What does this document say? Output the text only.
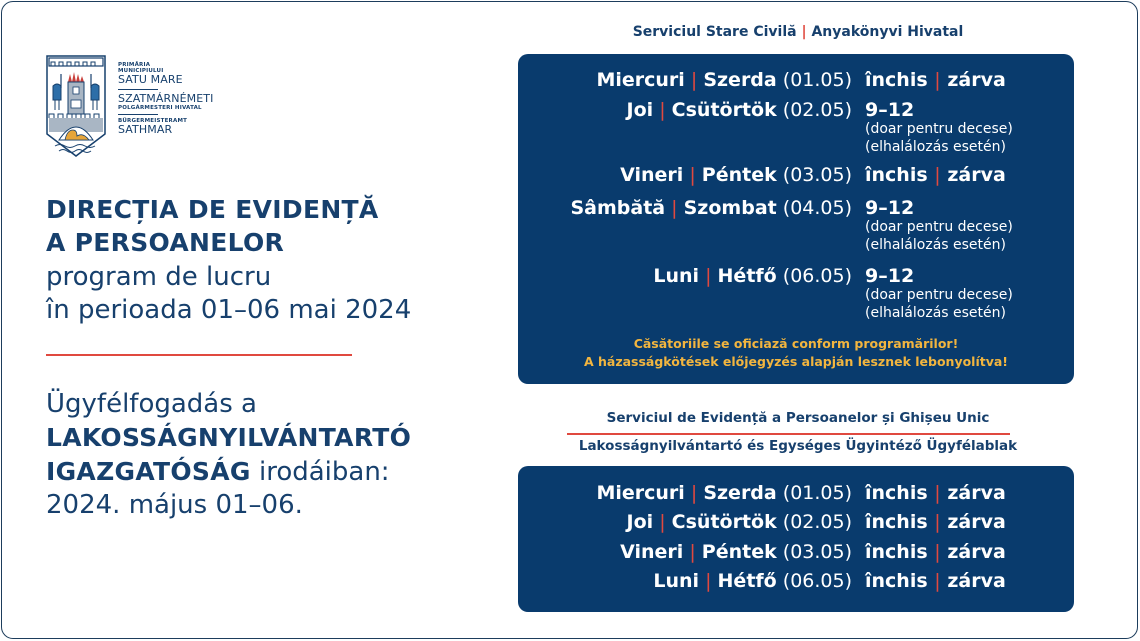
PRIMĂRIA
MUNICIPIULUI
SATU MARE
SZATMÁRNÉMETI
POLGÁRMESTERI HIVATAL
BÜRGERMEISTERAMT
SATHMAR
DIRECȚIA DE EVIDENȚĂ
A PERSOANELOR
program de lucru
în perioada 01–06 mai 2024
Ügyfélfogadás a
LAKOSSÁGNYILVÁNTARTÓ
IGAZGATÓSÁG irodáiban:
2024. május 01–06.
Serviciul Stare Civilă | Anyakönyvi Hivatal
Miercuri | Szerda (01.05) închis | zárva
Joi | Csütörtök (02.05) 9–12
(doar pentru decese)
(elhalálozás esetén)
Vineri | Péntek (03.05) închis | zárva
Sâmbătă | Szombat (04.05) 9–12
(doar pentru decese)
(elhalálozás esetén)
Luni | Hétfő (06.05) 9–12
(doar pentru decese)
(elhalálozás esetén)
Căsătoriile se oficiază conform programărilor!
A házasságkötések előjegyzés alapján lesznek lebonyolítva!
Serviciul de Evidență a Persoanelor și Ghișeu Unic
Lakosságnyilvántartó és Egységes Ügyintéző Ügyfélablak
Miercuri | Szerda (01.05) închis | zárva
Joi | Csütörtök (02.05) închis | zárva
Vineri | Péntek (03.05) închis | zárva
Luni | Hétfő (06.05) închis | zárva
